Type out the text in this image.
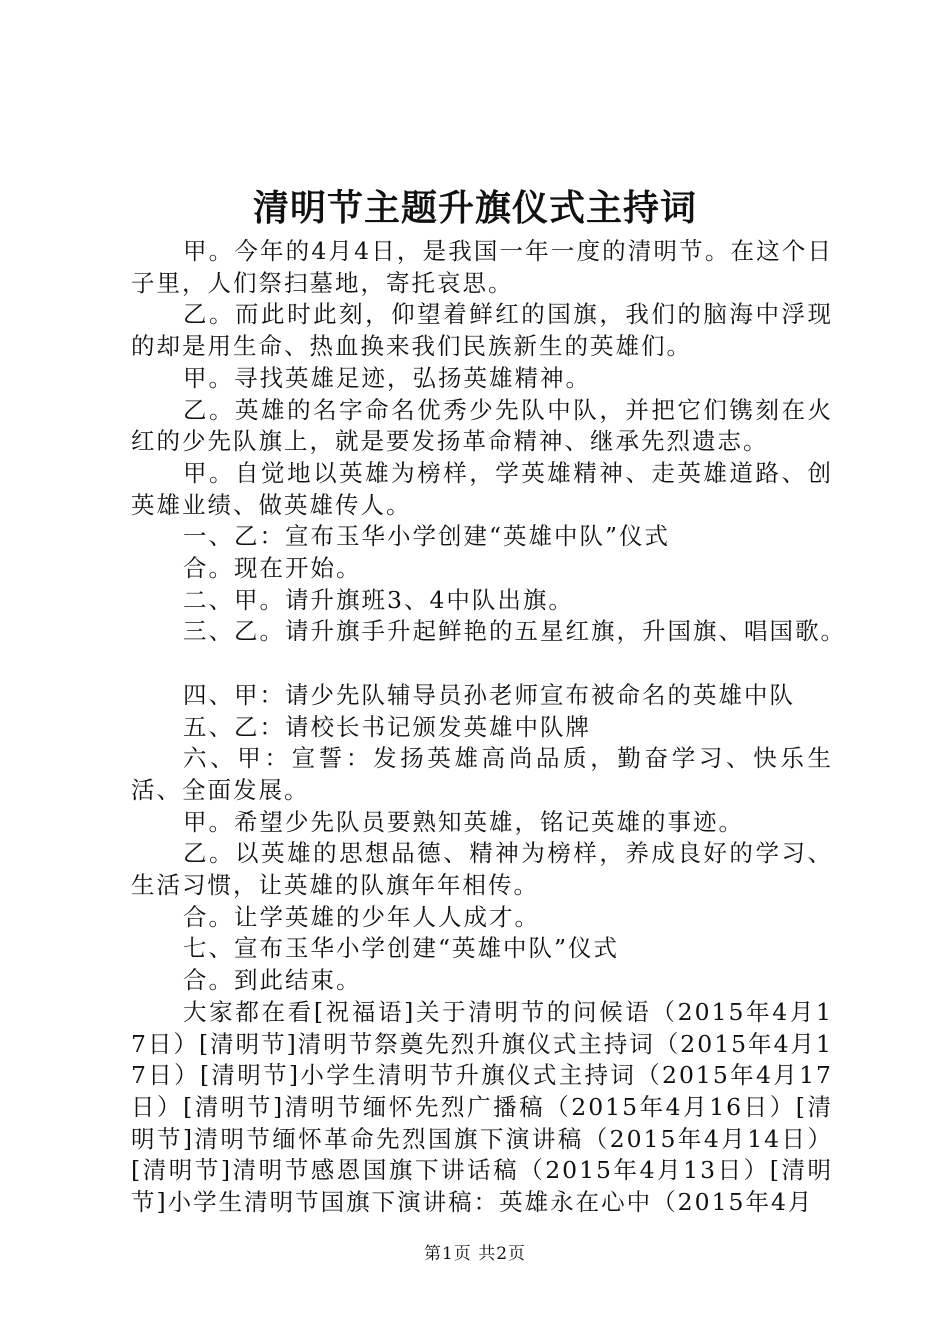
清明节主题升旗仪式主持词

甲。今年的4月4日，是我国一年一度的清明节。在这个日子里，人们祭扫墓地，寄托哀思。

乙。而此时此刻，仰望着鲜红的国旗，我们的脑海中浮现的却是用生命、热血换来我们民族新生的英雄们。

甲。寻找英雄足迹，弘扬英雄精神。

乙。英雄的名字命名优秀少先队中队，并把它们镌刻在火红的少先队旗上，就是要发扬革命精神、继承先烈遗志。

甲。自觉地以英雄为榜样，学英雄精神、走英雄道路、创英雄业绩、做英雄传人。

一、乙：宣布玉华小学创建“英雄中队”仪式

合。现在开始。

二、甲。请升旗班3、4中队出旗。

三、乙。请升旗手升起鲜艳的五星红旗，升国旗、唱国歌。

四、甲：请少先队辅导员孙老师宣布被命名的英雄中队

五、乙：请校长书记颁发英雄中队牌

六、甲：宣誓：发扬英雄高尚品质，勤奋学习、快乐生活、全面发展。

甲。希望少先队员要熟知英雄，铭记英雄的事迹。

乙。以英雄的思想品德、精神为榜样，养成良好的学习、生活习惯，让英雄的队旗年年相传。

合。让学英雄的少年人人成才。

七、宣布玉华小学创建“英雄中队”仪式

合。到此结束。

大家都在看[祝福语]关于清明节的问候语（2015年4月17日）[清明节]清明节祭奠先烈升旗仪式主持词（2015年4月17日）[清明节]小学生清明节升旗仪式主持词（2015年4月17日）[清明节]清明节缅怀先烈广播稿（2015年4月16日）[清明节]清明节缅怀革命先烈国旗下演讲稿（2015年4月14日）[清明节]清明节感恩国旗下讲话稿（2015年4月13日）[清明节]小学生清明节国旗下演讲稿：英雄永在心中（2015年4月

第1页 共2页
